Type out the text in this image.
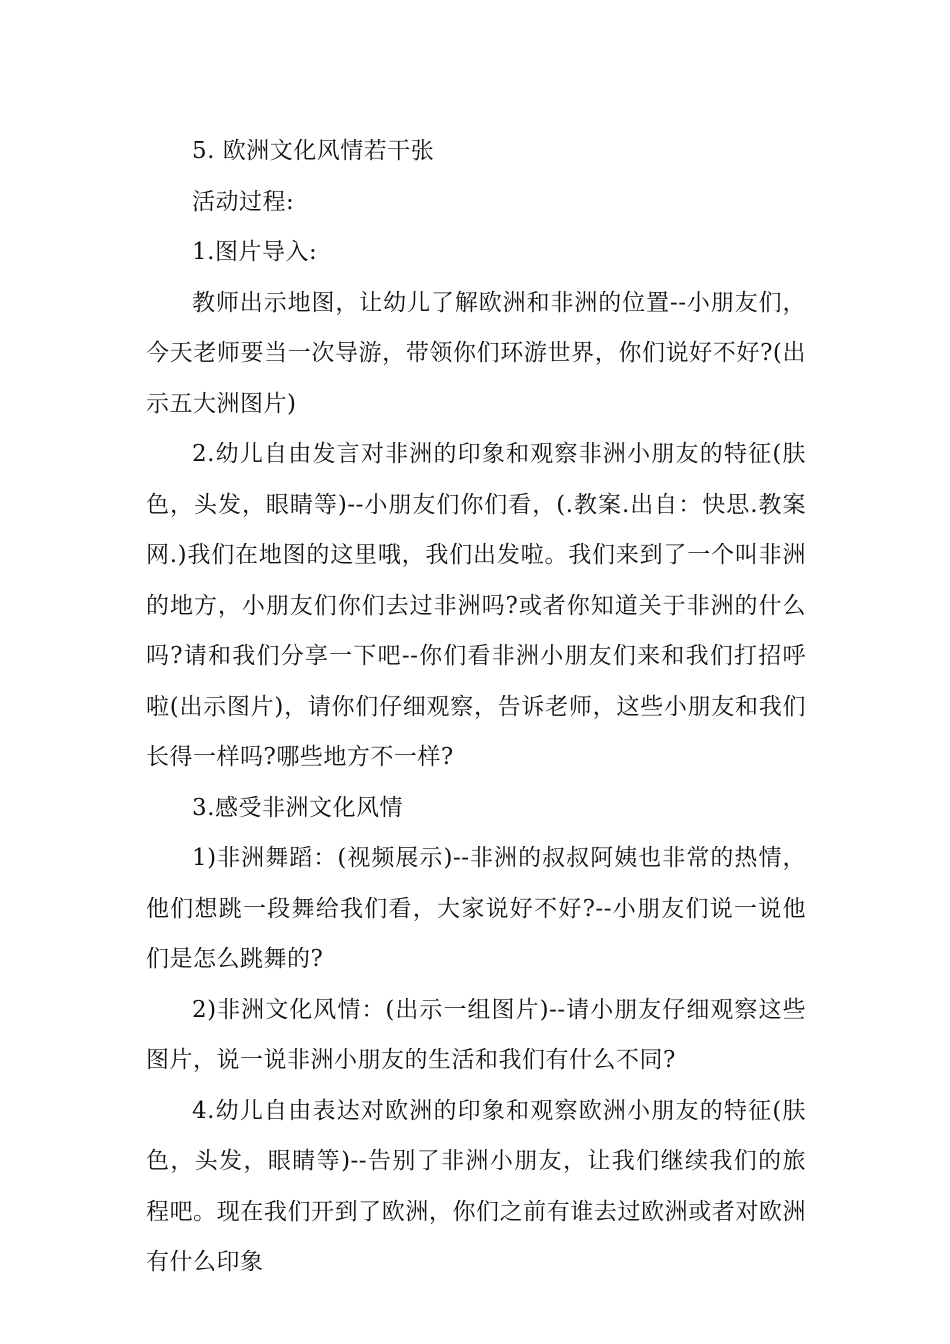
5. 欧洲文化风情若干张

活动过程:

1.图片导入:

教师出示地图，让幼儿了解欧洲和非洲的位置--小朋友们，今天老师要当一次导游，带领你们环游世界，你们说好不好?(出示五大洲图片)

2.幼儿自由发言对非洲的印象和观察非洲小朋友的特征(肤色，头发，眼睛等)--小朋友们你们看，(.教案.出自：快思.教案网.)我们在地图的这里哦，我们出发啦。我们来到了一个叫非洲的地方，小朋友们你们去过非洲吗?或者你知道关于非洲的什么吗?请和我们分享一下吧--你们看非洲小朋友们来和我们打招呼啦(出示图片)，请你们仔细观察，告诉老师，这些小朋友和我们长得一样吗?哪些地方不一样?

3.感受非洲文化风情

1)非洲舞蹈：(视频展示)--非洲的叔叔阿姨也非常的热情，他们想跳一段舞给我们看，大家说好不好?--小朋友们说一说他们是怎么跳舞的?

2)非洲文化风情：(出示一组图片)--请小朋友仔细观察这些图片，说一说非洲小朋友的生活和我们有什么不同?

4.幼儿自由表达对欧洲的印象和观察欧洲小朋友的特征(肤色，头发，眼睛等)--告别了非洲小朋友，让我们继续我们的旅程吧。现在我们开到了欧洲，你们之前有谁去过欧洲或者对欧洲有什么印象
